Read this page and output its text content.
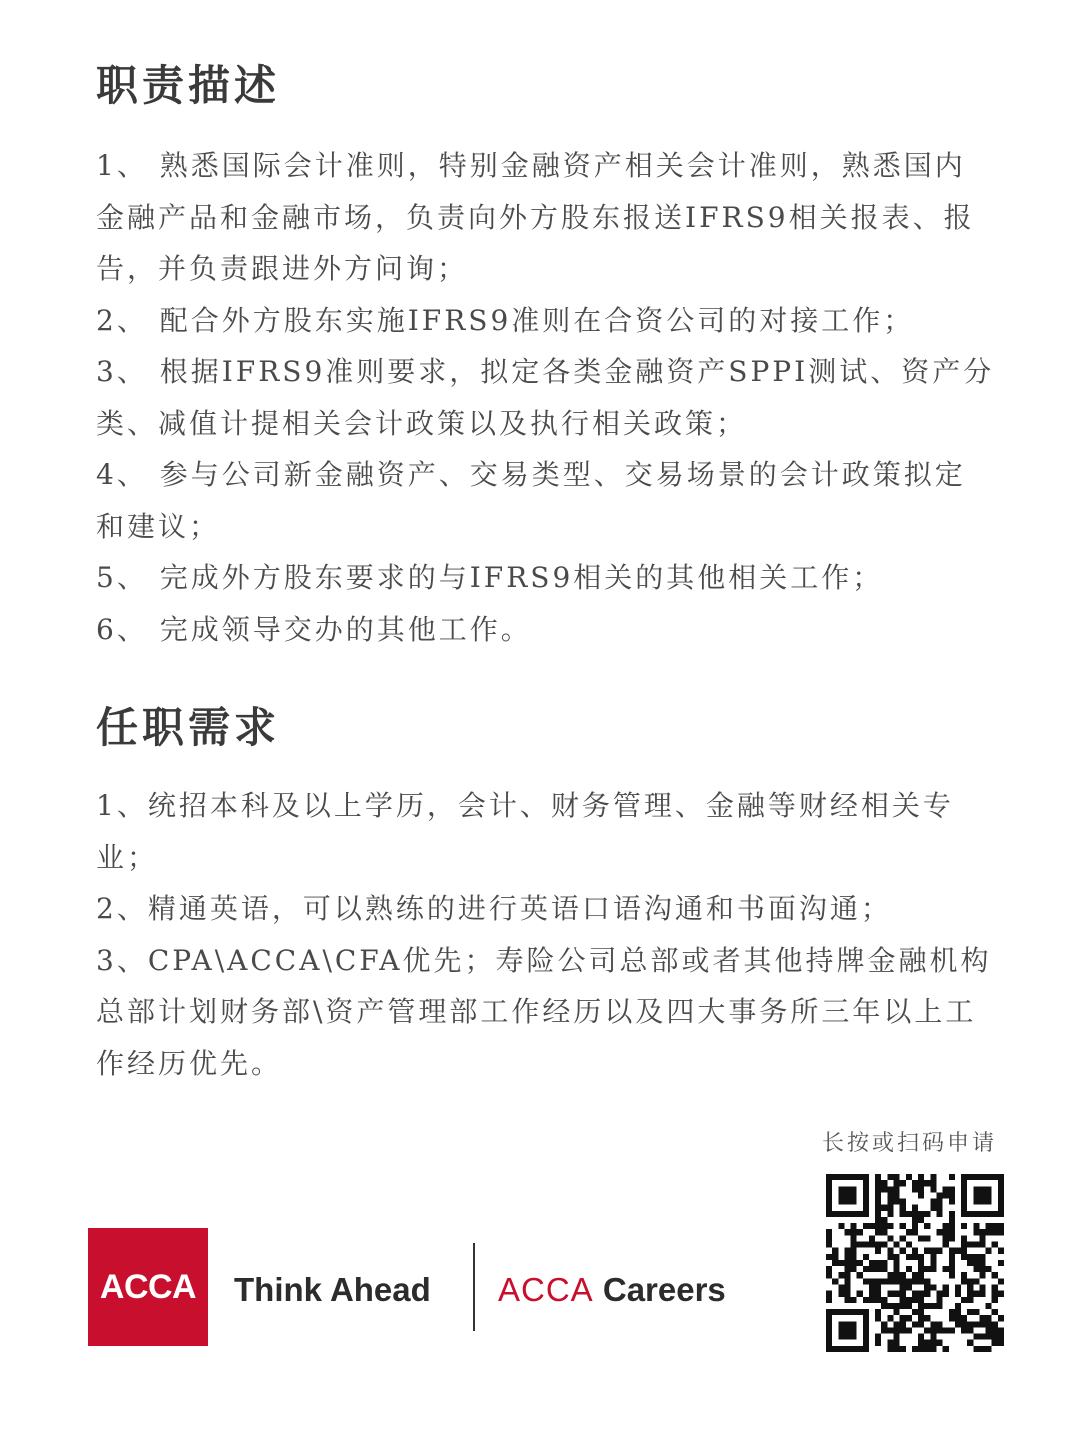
职责描述

1、 熟悉国际会计准则，特别金融资产相关会计准则，熟悉国内金融产品和金融市场，负责向外方股东报送IFRS9相关报表、报告，并负责跟进外方问询；

2、 配合外方股东实施IFRS9准则在合资公司的对接工作；

3、 根据IFRS9准则要求，拟定各类金融资产SPPI测试、资产分类、减值计提相关会计政策以及执行相关政策；

4、 参与公司新金融资产、交易类型、交易场景的会计政策拟定和建议；

5、 完成外方股东要求的与IFRS9相关的其他相关工作；

6、 完成领导交办的其他工作。

任职需求

1、统招本科及以上学历，会计、财务管理、金融等财经相关专业；

2、精通英语，可以熟练的进行英语口语沟通和书面沟通；

3、CPA\ACCA\CFA优先；寿险公司总部或者其他持牌金融机构总部计划财务部\资产管理部工作经历以及四大事务所三年以上工作经历优先。

ACCA Think Ahead ACCA Careers
长按或扫码申请
